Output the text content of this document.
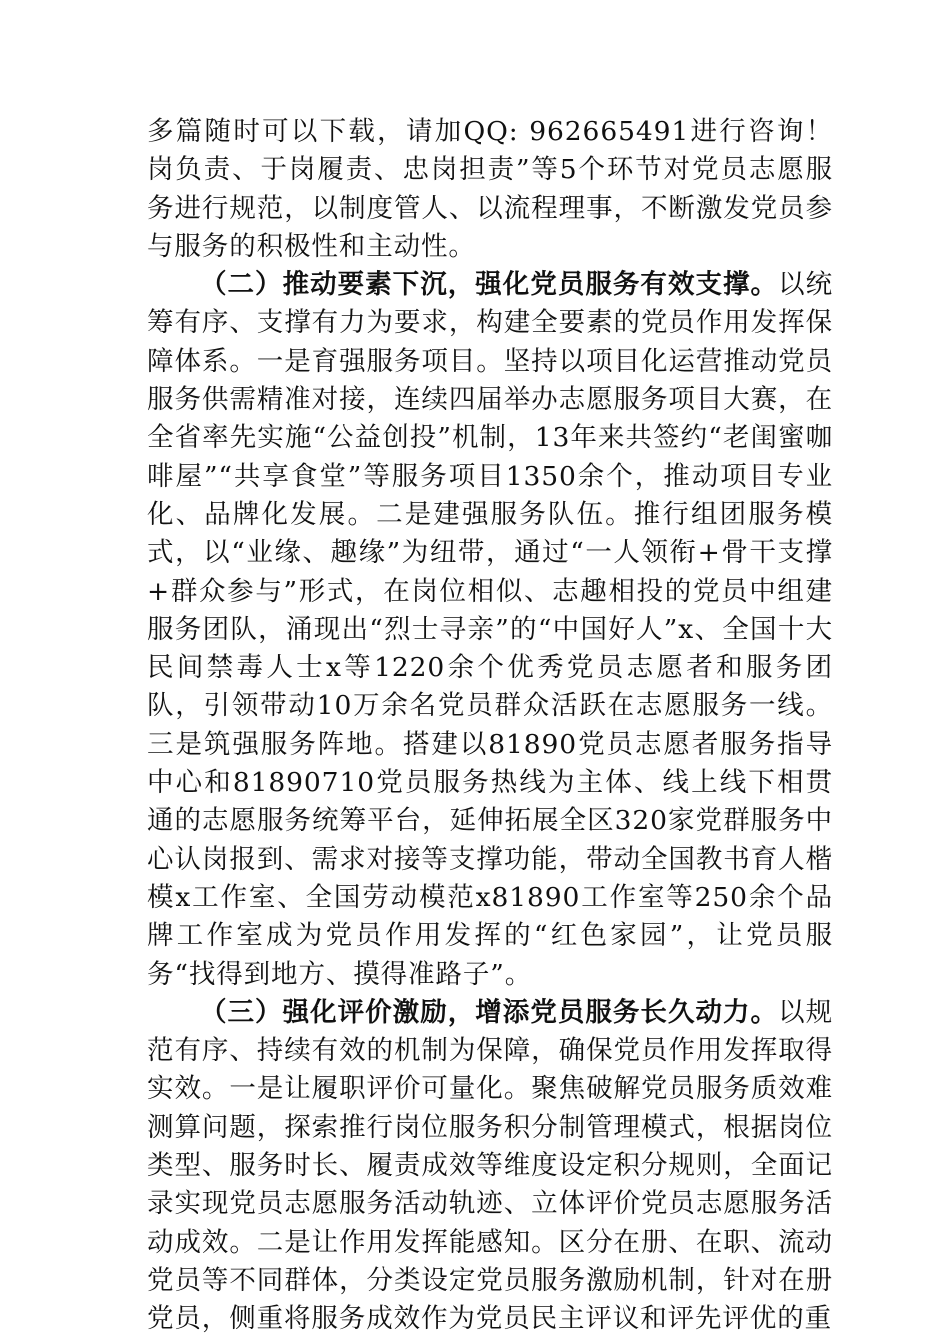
多篇随时可以下载，请加QQ: 962665491进行咨询！岗负责、于岗履责、忠岗担责”等5个环节对党员志愿服务进行规范，以制度管人、以流程理事，不断激发党员参与服务的积极性和主动性。

（二）推动要素下沉，强化党员服务有效支撑。以统筹有序、支撑有力为要求，构建全要素的党员作用发挥保障体系。一是育强服务项目。坚持以项目化运营推动党员服务供需精准对接，连续四届举办志愿服务项目大赛，在全省率先实施“公益创投”机制，13年来共签约“老闺蜜咖啡屋”“共享食堂”等服务项目1350余个，推动项目专业化、品牌化发展。二是建强服务队伍。推行组团服务模式，以“业缘、趣缘”为纽带，通过“一人领衔+骨干支撑+群众参与”形式，在岗位相似、志趣相投的党员中组建服务团队，涌现出“烈士寻亲”的“中国好人”x、全国十大民间禁毒人士x等1220余个优秀党员志愿者和服务团队，引领带动10万余名党员群众活跃在志愿服务一线。三是筑强服务阵地。搭建以81890党员志愿者服务指导中心和81890710党员服务热线为主体、线上线下相贯通的志愿服务统筹平台，延伸拓展全区320家党群服务中心认岗报到、需求对接等支撑功能，带动全国教书育人楷模x工作室、全国劳动模范x81890工作室等250余个品牌工作室成为党员作用发挥的“红色家园”，让党员服务“找得到地方、摸得准路子”。

（三）强化评价激励，增添党员服务长久动力。以规范有序、持续有效的机制为保障，确保党员作用发挥取得实效。一是让履职评价可量化。聚焦破解党员服务质效难测算问题，探索推行岗位服务积分制管理模式，根据岗位类型、服务时长、履责成效等维度设定积分规则，全面记录实现党员志愿服务活动轨迹、立体评价党员志愿服务活动成效。二是让作用发挥能感知。区分在册、在职、流动党员等不同群体，分类设定党员服务激励机制，针对在册党员，侧重将服务成效作为党员民主评议和评先评优的重
